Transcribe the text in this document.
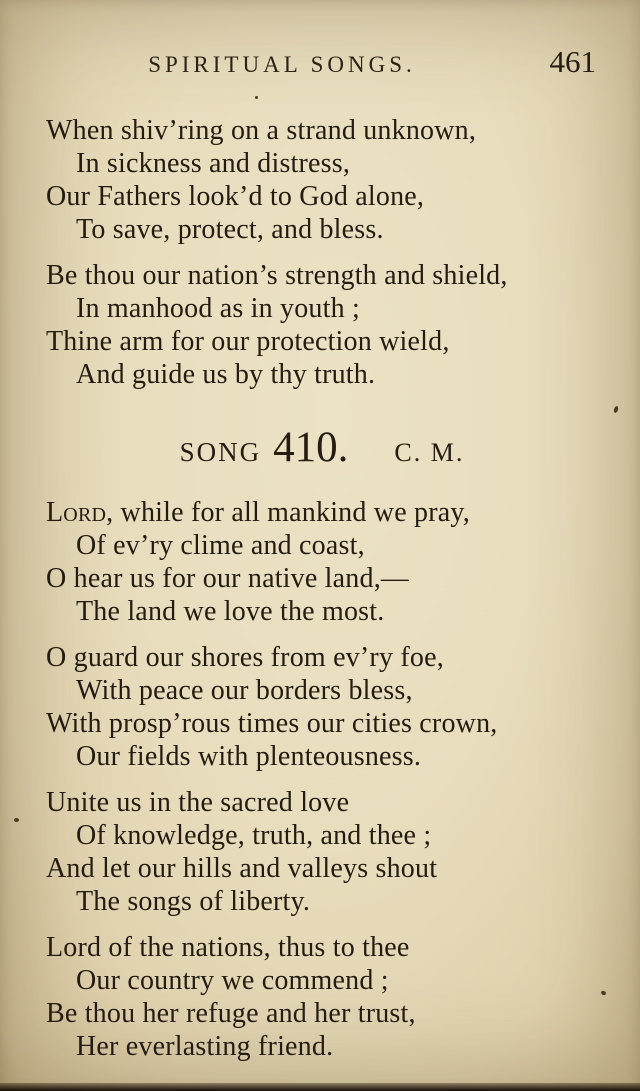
SPIRITUAL SONGS.	461

When shiv’ring on a strand unknown,

In sickness and distress,

Our Fathers look’d to God alone,

To save, protect, and bless.

Be thou our nation’s strength and shield,

In manhood as in youth ;

Thine arm for our protection wield,

And guide us by thy truth.

SONG 410. C. M.

Lord, while for all mankind we pray,

Of ev’ry clime and coast,

O hear us for our native land,—

The land we love the most.

O guard our shores from ev’ry foe,

With peace our borders bless,

With prosp’rous times our cities crown,

Our fields with plenteousness.

Unite us in the sacred love

Of knowledge, truth, and thee ;

And let our hills and valleys shout

The songs of liberty.

Lord of the nations, thus to thee

Our country we commend ;

Be thou her refuge and her trust,

Her everlasting friend.
